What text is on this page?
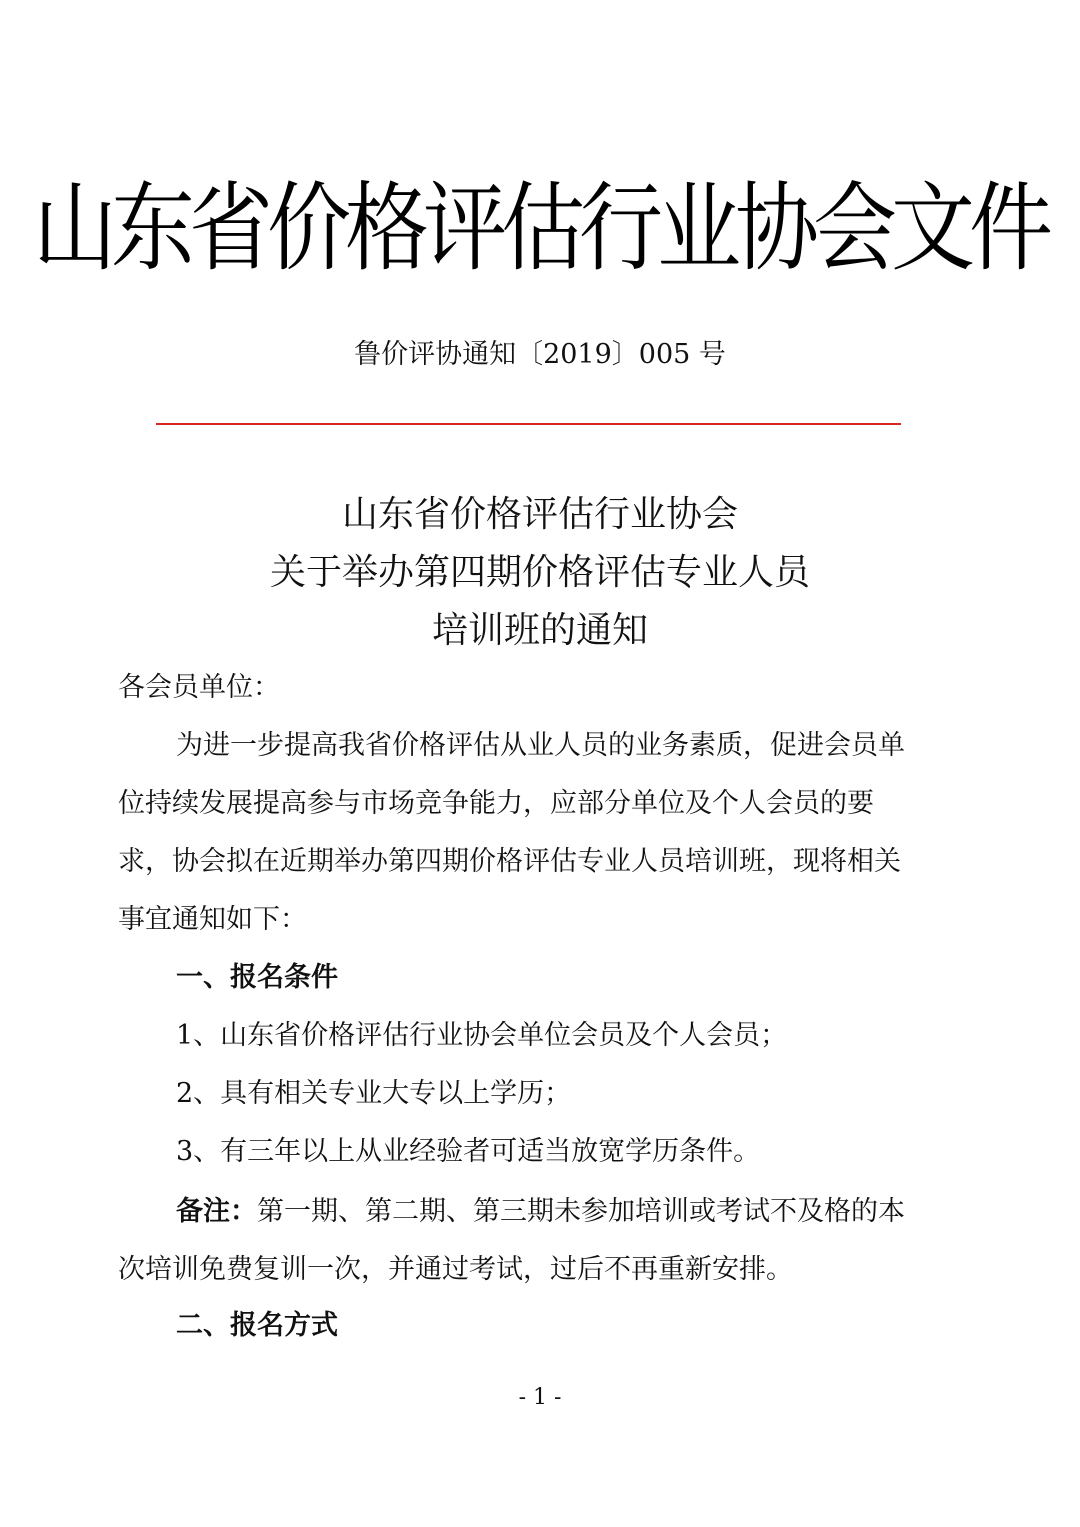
山东省价格评估行业协会文件
鲁价评协通知〔2019〕005 号
山东省价格评估行业协会
关于举办第四期价格评估专业人员
培训班的通知
各会员单位：
为进一步提高我省价格评估从业人员的业务素质，促进会员单
位持续发展提高参与市场竞争能力，应部分单位及个人会员的要
求，协会拟在近期举办第四期价格评估专业人员培训班，现将相关
事宜通知如下：
一、报名条件
1、山东省价格评估行业协会单位会员及个人会员；
2、具有相关专业大专以上学历；
3、有三年以上从业经验者可适当放宽学历条件。
备注：第一期、第二期、第三期未参加培训或考试不及格的本
次培训免费复训一次，并通过考试，过后不再重新安排。
二、报名方式
- 1 -
